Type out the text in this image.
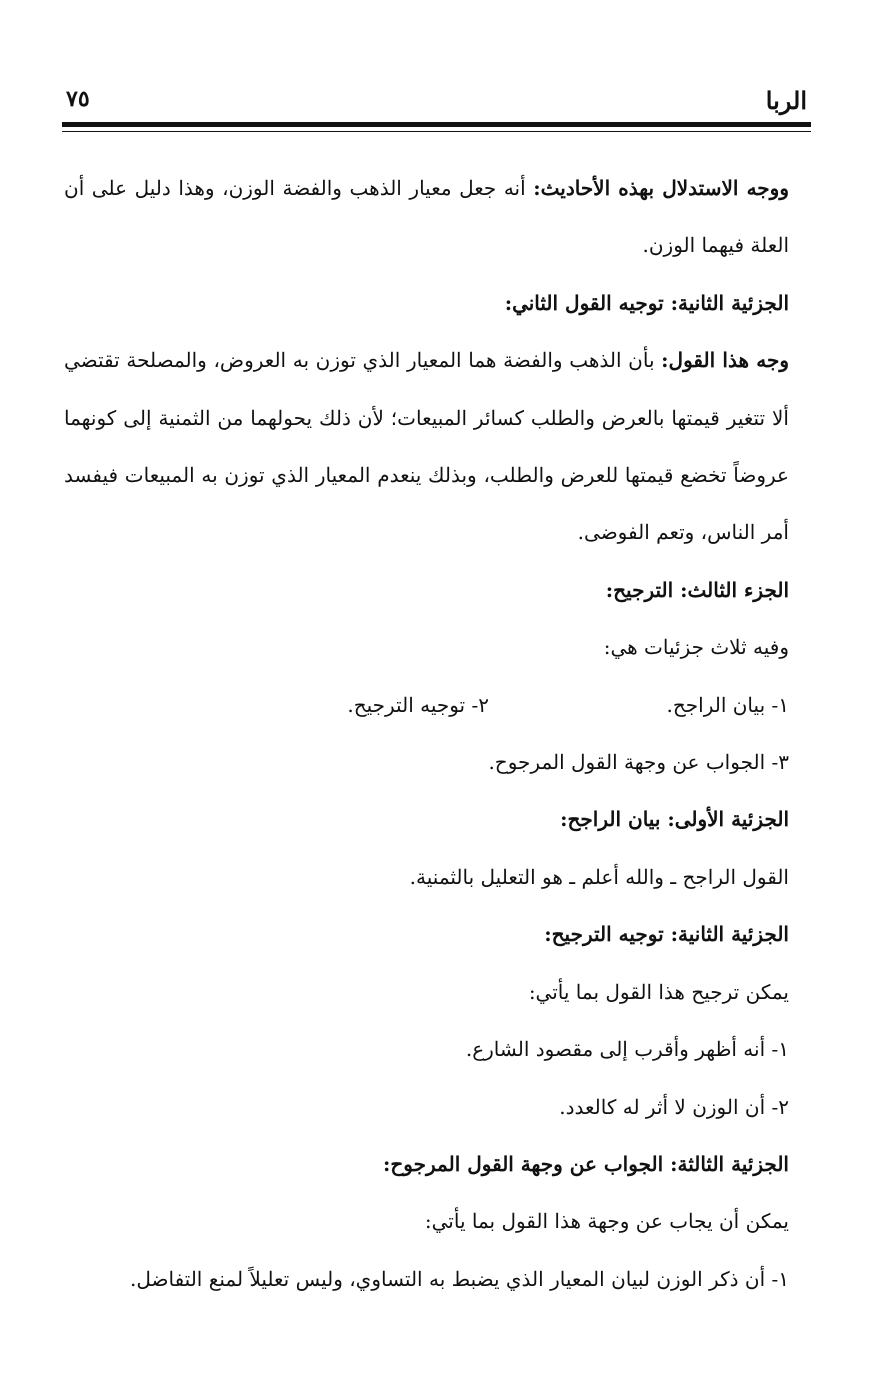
الربا
٧٥

ووجه الاستدلال بهذه الأحاديث: أنه جعل معيار الذهب والفضة الوزن، وهذا دليل على أن العلة فيهما الوزن.

الجزئية الثانية: توجيه القول الثاني:

وجه هذا القول: بأن الذهب والفضة هما المعيار الذي توزن به العروض، والمصلحة تقتضي ألا تتغير قيمتها بالعرض والطلب كسائر المبيعات؛ لأن ذلك يحولهما من الثمنية إلى كونهما عروضاً تخضع قيمتها للعرض والطلب، وبذلك ينعدم المعيار الذي توزن به المبيعات فيفسد أمر الناس، وتعم الفوضى.

الجزء الثالث: الترجيح:

وفيه ثلاث جزئيات هي:

١- بيان الراجح.
٢- توجيه الترجيح.

٣- الجواب عن وجهة القول المرجوح.

الجزئية الأولى: بيان الراجح:

القول الراجح ـ والله أعلم ـ هو التعليل بالثمنية.

الجزئية الثانية: توجيه الترجيح:

يمكن ترجيح هذا القول بما يأتي:

١- أنه أظهر وأقرب إلى مقصود الشارع.

٢- أن الوزن لا أثر له كالعدد.

الجزئية الثالثة: الجواب عن وجهة القول المرجوح:

يمكن أن يجاب عن وجهة هذا القول بما يأتي:

١- أن ذكر الوزن لبيان المعيار الذي يضبط به التساوي، وليس تعليلاً لمنع التفاضل.
